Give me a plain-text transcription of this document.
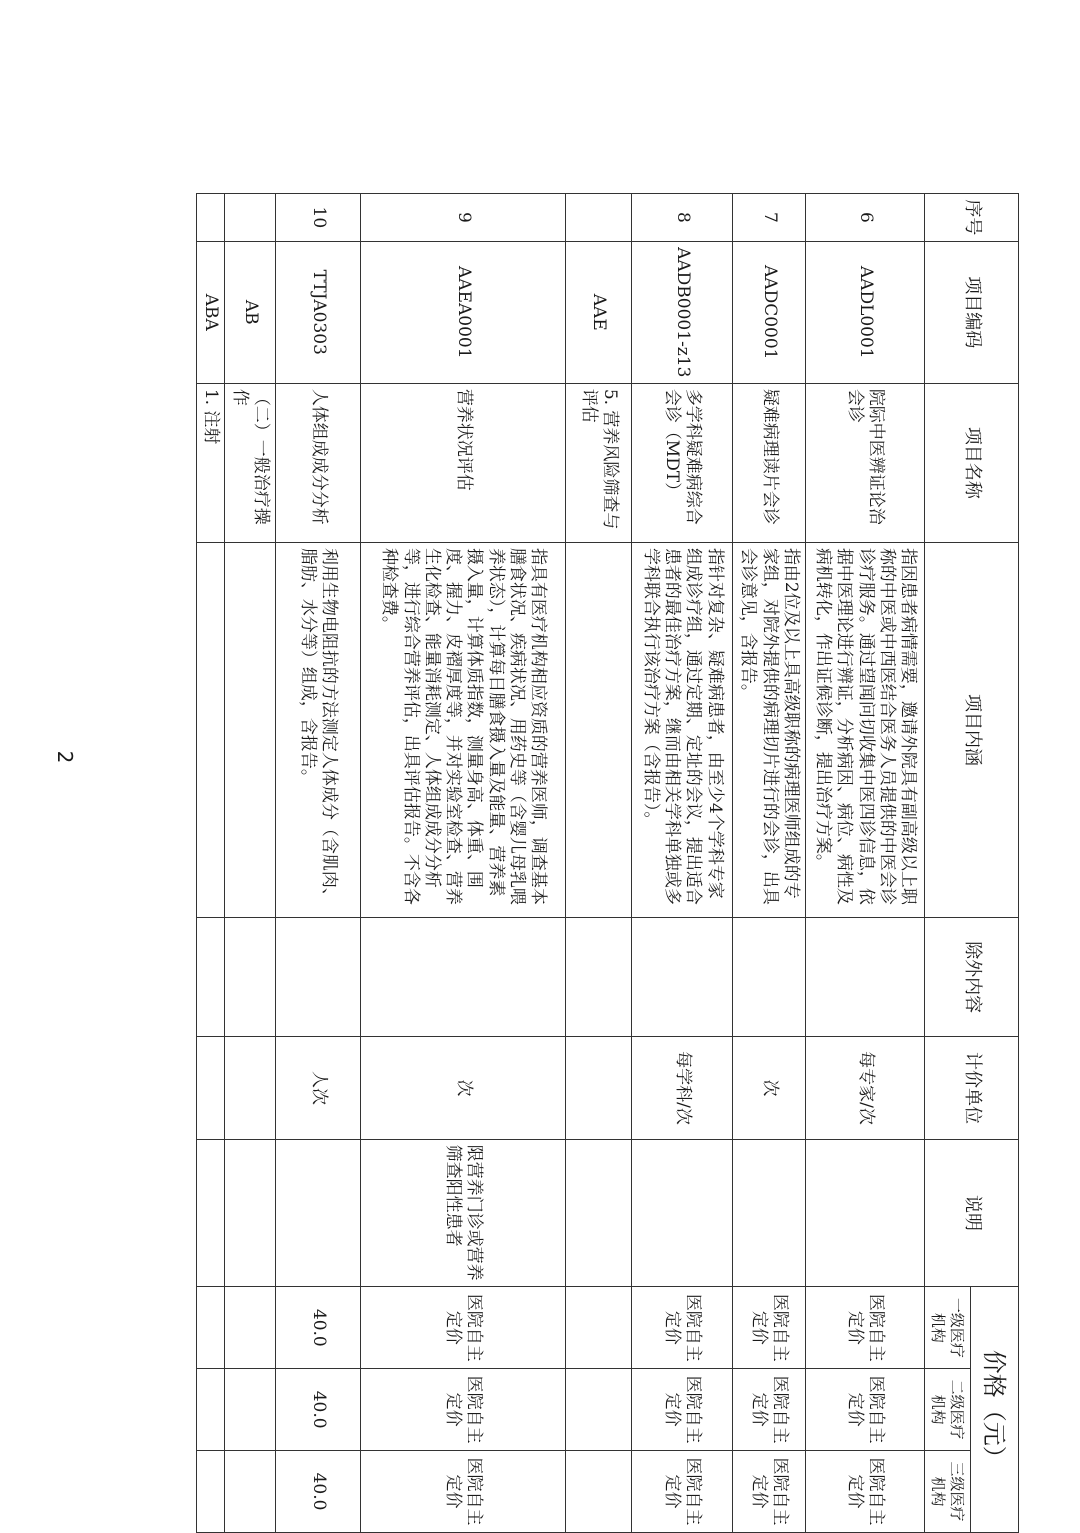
序号	项目编码	项目名称	项目内涵	除外内容	计价单位	说明	价格（元）		
							一级医疗机构	二级医疗机构	三级医疗机构
6	AADL0001	院际中医辨证论治会诊	指因患者病情需要，邀请外院具有副高级以上职称的中医或中西医结合医务人员提供的中医会诊诊疗服务。通过望闻问切收集中医四诊信息，依据中医理论进行辨证，分析病因、病位、病性及病机转化，作出证候诊断，提出治疗方案。		每专家/次		医院自主定价	医院自主定价	医院自主定价
7	AADC0001	疑难病理读片会诊	指由2位及以上具高级职称的病理医师组成的专家组，对院外提供的病理切片进行的会诊，出具会诊意见，含报告。		次		医院自主定价	医院自主定价	医院自主定价
8	AADB0001-z13	多学科疑难病综合会诊（MDT）	指针对复杂、疑难病患者，由至少4个学科专家组成诊疗组，通过定期、定址的会议，提出适合患者的最佳治疗方案，继而由相关学科单独或多学科联合执行该治疗方案（含报告）。		每学科/次		医院自主定价	医院自主定价	医院自主定价
	AAE	5. 营养风险筛查与评估							
9	AAEA0001	营养状况评估	指具有医疗机构相应资质的营养医师，调查基本膳食状况、疾病状况、用药史等（含婴儿母乳喂养状态），计算每日膳食摄入量及能量、营养素摄入量，计算体质指数，测量身高、体重、围度、握力、皮褶厚度等，并对实验室检查、营养生化检查、能量消耗测定、人体组成成分分析等，进行综合营养评估，出具评估报告。不含各种检查费。		次	限营养门诊或营养筛查阳性患者	医院自主定价	医院自主定价	医院自主定价
10	TTJA0303	人体组成成分分析	利用生物电阻抗的方法测定人体成分（含肌肉、脂肪、水分等）组成，含报告。		人次		40.0	40.0	40.0
	AB	（二）一般治疗操作							
	ABA	1. 注射							
2
